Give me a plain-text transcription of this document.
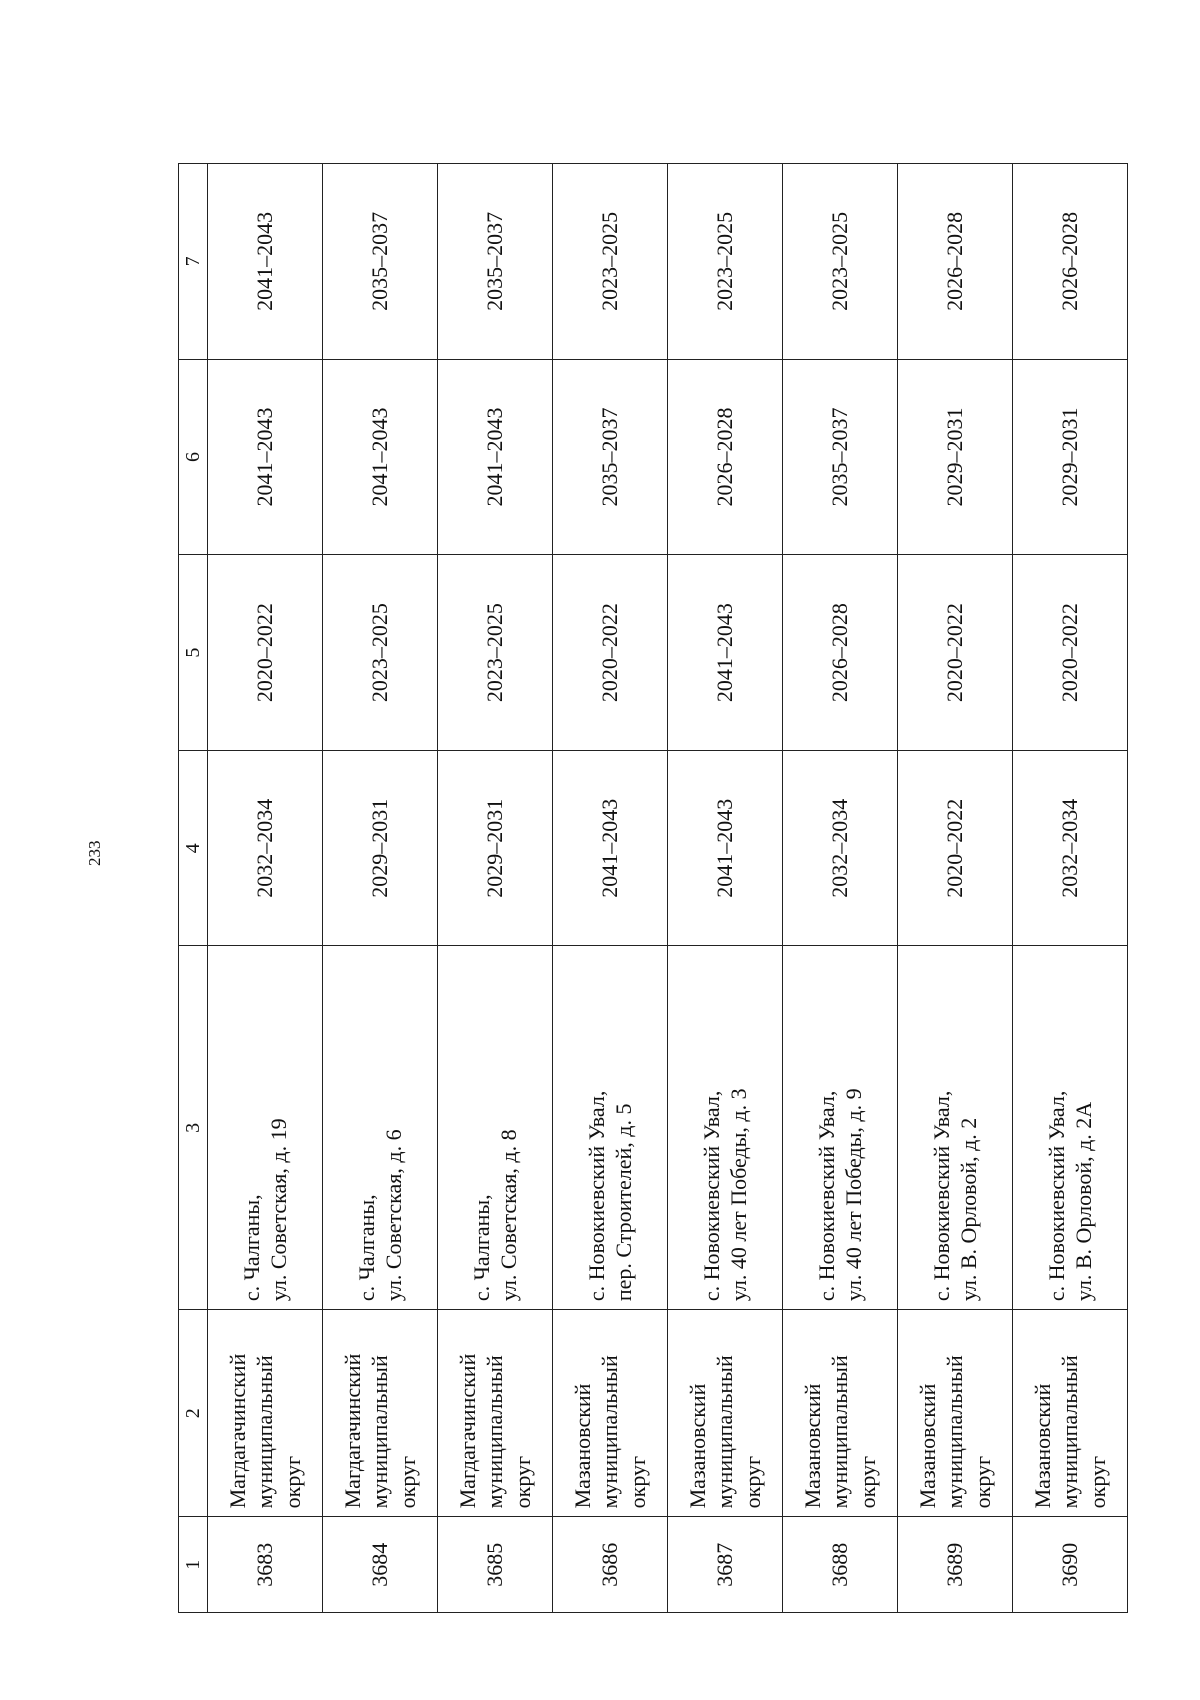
233
1	2	3	4	5	6	7
3683	Магдагачинский муниципальный округ	с. Чалганы, ул. Советская, д. 19	2032–2034	2020–2022	2041–2043	2041–2043
3684	Магдагачинский муниципальный округ	с. Чалганы, ул. Советская, д. 6	2029–2031	2023–2025	2041–2043	2035–2037
3685	Магдагачинский муниципальный округ	с. Чалганы, ул. Советская, д. 8	2029–2031	2023–2025	2041–2043	2035–2037
3686	Мазановский муниципальный округ	с. Новокиевский Увал, пер. Строителей, д. 5	2041–2043	2020–2022	2035–2037	2023–2025
3687	Мазановский муниципальный округ	с. Новокиевский Увал, ул. 40 лет Победы, д. 3	2041–2043	2041–2043	2026–2028	2023–2025
3688	Мазановский муниципальный округ	с. Новокиевский Увал, ул. 40 лет Победы, д. 9	2032–2034	2026–2028	2035–2037	2023–2025
3689	Мазановский муниципальный округ	с. Новокиевский Увал, ул. В. Орловой, д. 2	2020–2022	2020–2022	2029–2031	2026–2028
3690	Мазановский муниципальный округ	с. Новокиевский Увал, ул. В. Орловой, д. 2А	2032–2034	2020–2022	2029–2031	2026–2028
